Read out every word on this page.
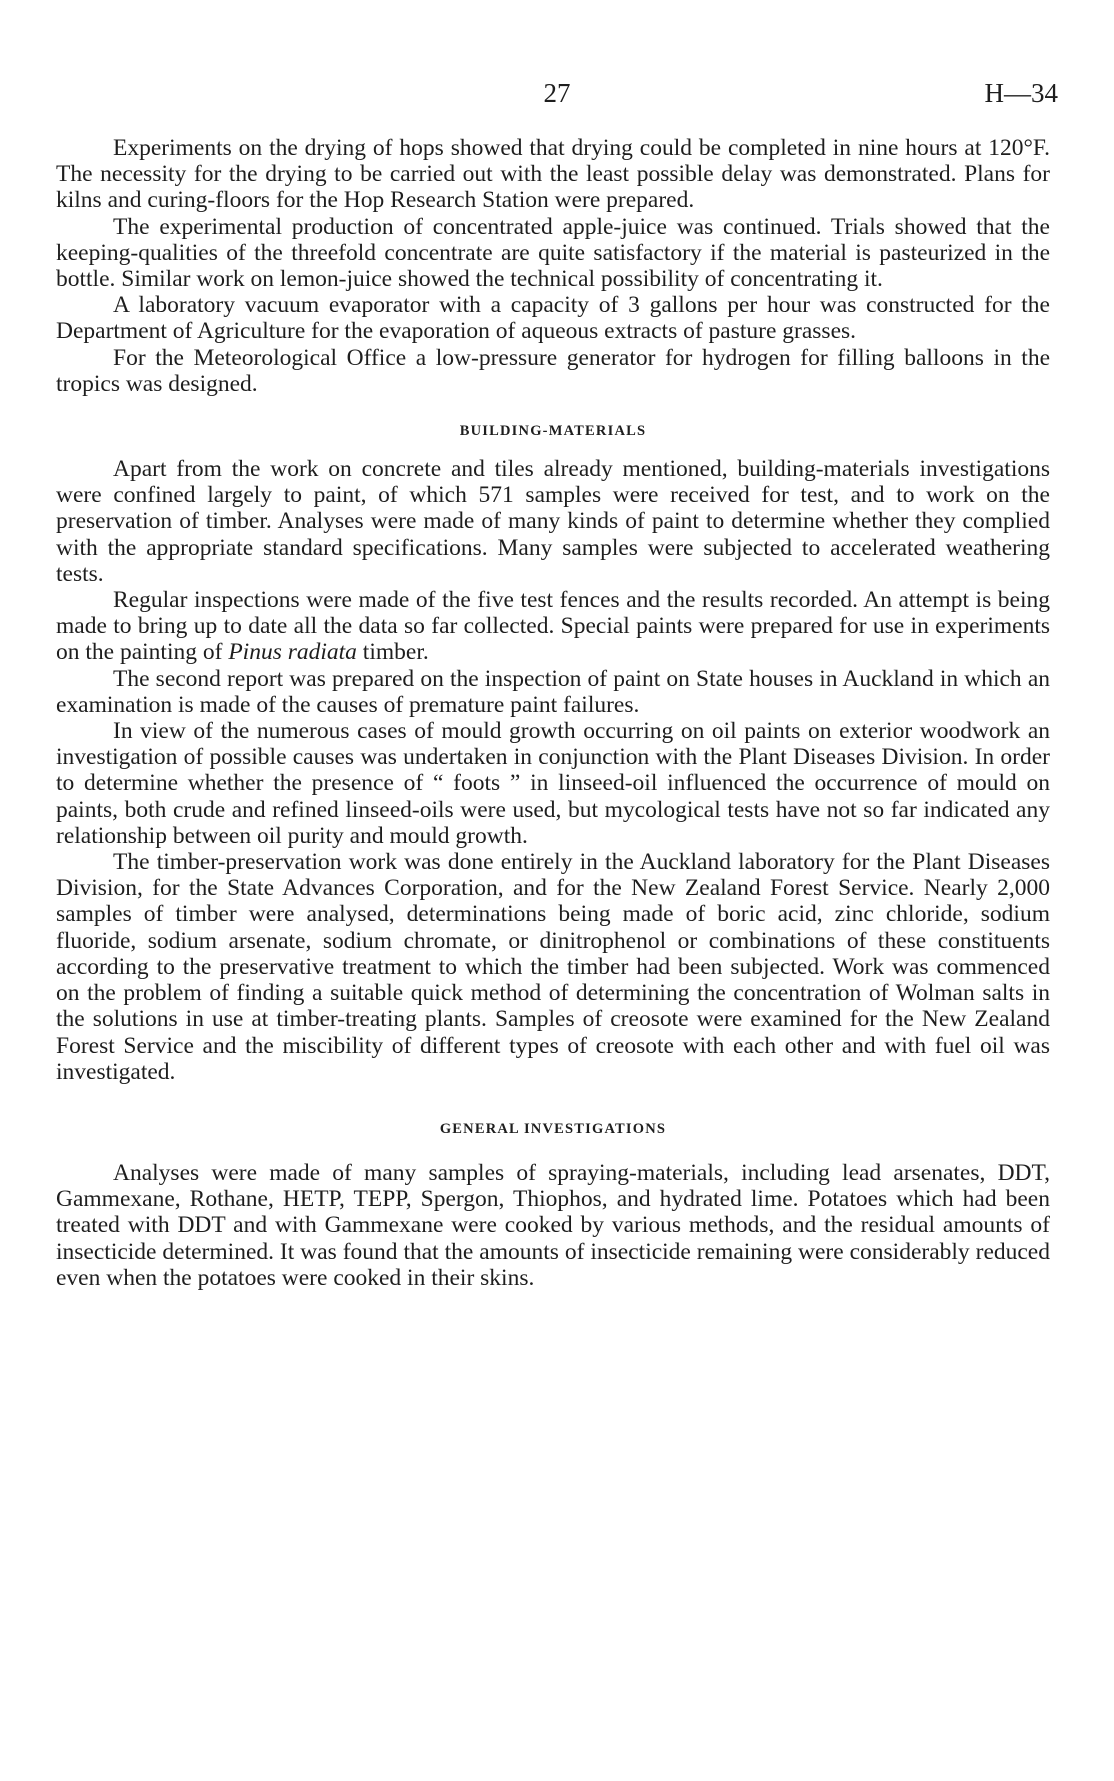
27	H—34

Experiments on the drying of hops showed that drying could be completed in nine hours at 120°F. The necessity for the drying to be carried out with the least possible delay was demonstrated. Plans for kilns and curing-floors for the Hop Research Station were prepared.

The experimental production of concentrated apple-juice was continued. Trials showed that the keeping-qualities of the threefold concentrate are quite satisfactory if the material is pasteurized in the bottle. Similar work on lemon-juice showed the technical possibility of concentrating it.

A laboratory vacuum evaporator with a capacity of 3 gallons per hour was constructed for the Department of Agriculture for the evaporation of aqueous extracts of pasture grasses.

For the Meteorological Office a low-pressure generator for hydrogen for filling balloons in the tropics was designed.

BUILDING-MATERIALS

Apart from the work on concrete and tiles already mentioned, building-materials investigations were confined largely to paint, of which 571 samples were received for test, and to work on the preservation of timber. Analyses were made of many kinds of paint to determine whether they complied with the appropriate standard specifications. Many samples were subjected to accelerated weathering tests.

Regular inspections were made of the five test fences and the results recorded. An attempt is being made to bring up to date all the data so far collected. Special paints were prepared for use in experiments on the painting of Pinus radiata timber.

The second report was prepared on the inspection of paint on State houses in Auckland in which an examination is made of the causes of premature paint failures.

In view of the numerous cases of mould growth occurring on oil paints on exterior woodwork an investigation of possible causes was undertaken in conjunction with the Plant Diseases Division. In order to determine whether the presence of “ foots ” in linseed-oil influenced the occurrence of mould on paints, both crude and refined linseed-oils were used, but mycological tests have not so far indicated any relationship between oil purity and mould growth.

The timber-preservation work was done entirely in the Auckland laboratory for the Plant Diseases Division, for the State Advances Corporation, and for the New Zealand Forest Service. Nearly 2,000 samples of timber were analysed, determinations being made of boric acid, zinc chloride, sodium fluoride, sodium arsenate, sodium chromate, or dinitrophenol or combinations of these constituents according to the preservative treatment to which the timber had been subjected. Work was commenced on the problem of finding a suitable quick method of determining the concentration of Wolman salts in the solutions in use at timber-treating plants. Samples of creosote were examined for the New Zealand Forest Service and the miscibility of different types of creosote with each other and with fuel oil was investigated.

GENERAL INVESTIGATIONS

Analyses were made of many samples of spraying-materials, including lead arsenates, DDT, Gammexane, Rothane, HETP, TEPP, Spergon, Thiophos, and hydrated lime. Potatoes which had been treated with DDT and with Gammexane were cooked by various methods, and the residual amounts of insecticide determined. It was found that the amounts of insecticide remaining were considerably reduced even when the potatoes were cooked in their skins.
